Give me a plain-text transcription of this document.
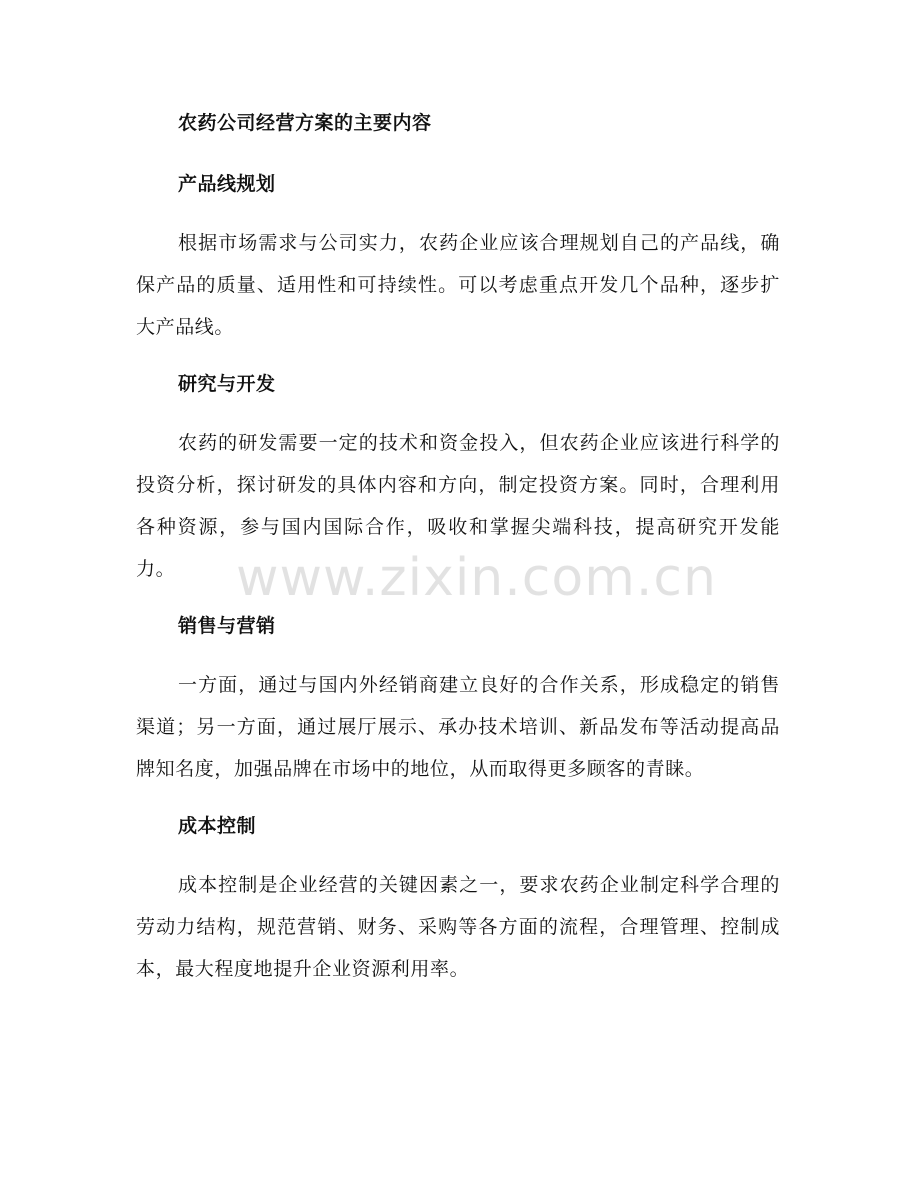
农药公司经营方案的主要内容
产品线规划
根据市场需求与公司实力，农药企业应该合理规划自己的产品线，确保产品的质量、适用性和可持续性。可以考虑重点开发几个品种，逐步扩大产品线。
研究与开发
农药的研发需要一定的技术和资金投入，但农药企业应该进行科学的投资分析，探讨研发的具体内容和方向，制定投资方案。同时，合理利用各种资源，参与国内国际合作，吸收和掌握尖端科技，提高研究开发能力。
销售与营销
一方面，通过与国内外经销商建立良好的合作关系，形成稳定的销售渠道；另一方面，通过展厅展示、承办技术培训、新品发布等活动提高品牌知名度，加强品牌在市场中的地位，从而取得更多顾客的青睐。
成本控制
成本控制是企业经营的关键因素之一，要求农药企业制定科学合理的劳动力结构，规范营销、财务、采购等各方面的流程，合理管理、控制成本，最大程度地提升企业资源利用率。
www.zixin.com.cn
